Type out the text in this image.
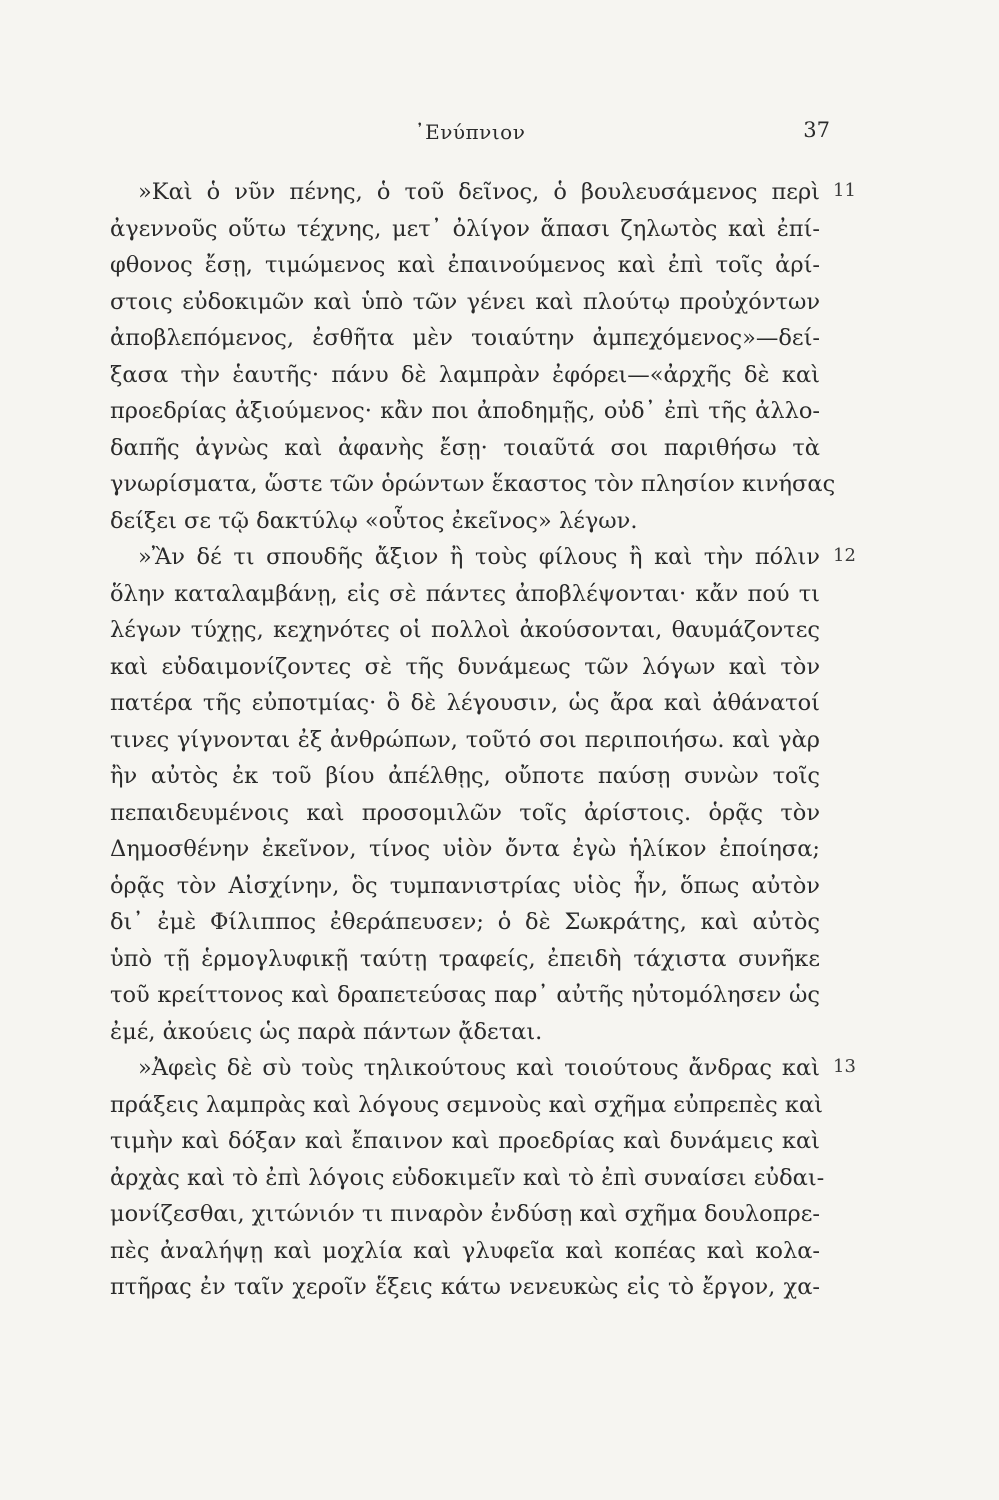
᾿Ενύπνιον	37
»Καὶ ὁ νῦν πένης, ὁ τοῦ δεῖνος, ὁ βουλευσάμενος περὶ
ἀγεννοῦς οὕτω τέχνης, μετ᾿ ὀλίγον ἅπασι ζηλωτὸς καὶ ἐπί-
φθονος ἔσῃ, τιμώμενος καὶ ἐπαινούμενος καὶ ἐπὶ τοῖς ἀρί-
στοις εὐδοκιμῶν καὶ ὑπὸ τῶν γένει καὶ πλούτῳ προὐχόντων
ἀποβλεπόμενος, ἐσθῆτα μὲν τοιαύτην ἀμπεχόμενος»—δεί-
ξασα τὴν ἑαυτῆς· πάνυ δὲ λαμπρὰν ἐφόρει—«ἀρχῆς δὲ καὶ
προεδρίας ἀξιούμενος· κἂν ποι ἀποδημῇς, οὐδ᾿ ἐπὶ τῆς ἀλλο-
δαπῆς ἀγνὼς καὶ ἀφανὴς ἔσῃ· τοιαῦτά σοι παριθήσω τὰ
γνωρίσματα, ὥστε τῶν ὁρώντων ἕκαστος τὸν πλησίον κινήσας
δείξει σε τῷ δακτύλῳ «οὗτος ἐκεῖνος» λέγων.
»Ἂν δέ τι σπουδῆς ἄξιον ἢ τοὺς φίλους ἢ καὶ τὴν πόλιν
ὅλην καταλαμβάνῃ, εἰς σὲ πάντες ἀποβλέψονται· κἄν πού τι
λέγων τύχῃς, κεχηνότες οἱ πολλοὶ ἀκούσονται, θαυμάζοντες
καὶ εὐδαιμονίζοντες σὲ τῆς δυνάμεως τῶν λόγων καὶ τὸν
πατέρα τῆς εὐποτμίας· ὃ δὲ λέγουσιν, ὡς ἄρα καὶ ἀθάνατοί
τινες γίγνονται ἐξ ἀνθρώπων, τοῦτό σοι περιποιήσω. καὶ γὰρ
ἢν αὐτὸς ἐκ τοῦ βίου ἀπέλθῃς, οὔποτε παύσῃ συνὼν τοῖς
πεπαιδευμένοις καὶ προσομιλῶν τοῖς ἀρίστοις. ὁρᾷς τὸν
Δημοσθένην ἐκεῖνον, τίνος υἱὸν ὄντα ἐγὼ ἡλίκον ἐποίησα;
ὁρᾷς τὸν Αἰσχίνην, ὃς τυμπανιστρίας υἱὸς ἦν, ὅπως αὐτὸν
δι᾿ ἐμὲ Φίλιππος ἐθεράπευσεν; ὁ δὲ Σωκράτης, καὶ αὐτὸς
ὑπὸ τῇ ἑρμογλυφικῇ ταύτῃ τραφείς, ἐπειδὴ τάχιστα συνῆκε
τοῦ κρείττονος καὶ δραπετεύσας παρ᾿ αὐτῆς ηὐτομόλησεν ὡς
ἐμέ, ἀκούεις ὡς παρὰ πάντων ᾄδεται.
»Ἀφεὶς δὲ σὺ τοὺς τηλικούτους καὶ τοιούτους ἄνδρας καὶ
πράξεις λαμπρὰς καὶ λόγους σεμνοὺς καὶ σχῆμα εὐπρεπὲς καὶ
τιμὴν καὶ δόξαν καὶ ἔπαινον καὶ προεδρίας καὶ δυνάμεις καὶ
ἀρχὰς καὶ τὸ ἐπὶ λόγοις εὐδοκιμεῖν καὶ τὸ ἐπὶ συναίσει εὐδαι-
μονίζεσθαι, χιτώνιόν τι πιναρὸν ἐνδύσῃ καὶ σχῆμα δουλοπρε-
πὲς ἀναλήψῃ καὶ μοχλία καὶ γλυφεῖα καὶ κοπέας καὶ κολα-
πτῆρας ἐν ταῖν χεροῖν ἕξεις κάτω νενευκὼς εἰς τὸ ἔργον, χα-
11
12
13
